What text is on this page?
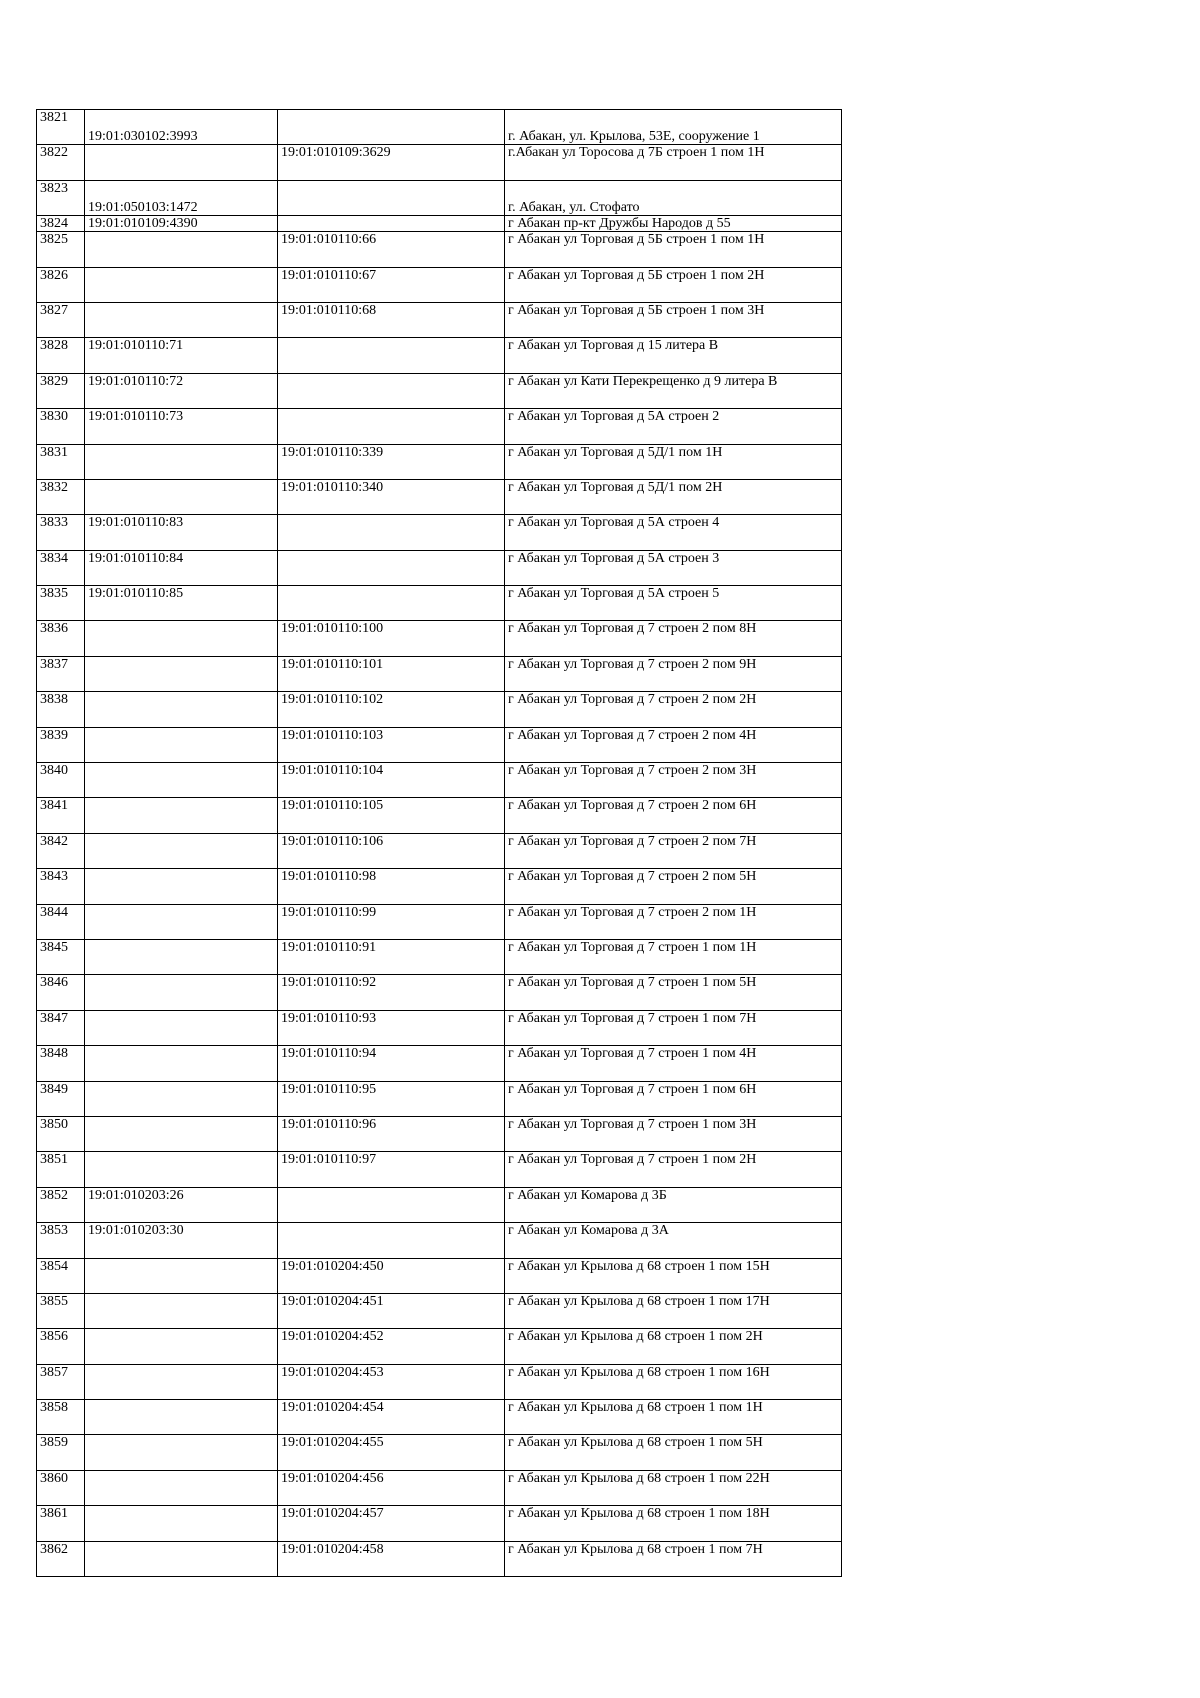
3821	19:01:030102:3993		г. Абакан, ул. Крылова, 53Е, сооружение 1
3822		19:01:010109:3629	г.Абакан ул Торосова д 7Б строен 1 пом 1Н
3823	19:01:050103:1472		г. Абакан, ул. Стофато
3824	19:01:010109:4390		г Абакан пр-кт Дружбы Народов д 55
3825		19:01:010110:66	г Абакан ул Торговая д 5Б строен 1 пом 1Н
3826		19:01:010110:67	г Абакан ул Торговая д 5Б строен 1 пом 2Н
3827		19:01:010110:68	г Абакан ул Торговая д 5Б строен 1 пом 3Н
3828	19:01:010110:71		г Абакан ул Торговая д 15 литера В
3829	19:01:010110:72		г Абакан ул Кати Перекрещенко д 9 литера В
3830	19:01:010110:73		г Абакан ул Торговая д 5А строен 2
3831		19:01:010110:339	г Абакан ул Торговая д 5Д/1 пом 1Н
3832		19:01:010110:340	г Абакан ул Торговая д 5Д/1 пом 2Н
3833	19:01:010110:83		г Абакан ул Торговая д 5А строен 4
3834	19:01:010110:84		г Абакан ул Торговая д 5А строен 3
3835	19:01:010110:85		г Абакан ул Торговая д 5А строен 5
3836		19:01:010110:100	г Абакан ул Торговая д 7 строен 2 пом 8Н
3837		19:01:010110:101	г Абакан ул Торговая д 7 строен 2 пом 9Н
3838		19:01:010110:102	г Абакан ул Торговая д 7 строен 2 пом 2Н
3839		19:01:010110:103	г Абакан ул Торговая д 7 строен 2 пом 4Н
3840		19:01:010110:104	г Абакан ул Торговая д 7 строен 2 пом 3Н
3841		19:01:010110:105	г Абакан ул Торговая д 7 строен 2 пом 6Н
3842		19:01:010110:106	г Абакан ул Торговая д 7 строен 2 пом 7Н
3843		19:01:010110:98	г Абакан ул Торговая д 7 строен 2 пом 5Н
3844		19:01:010110:99	г Абакан ул Торговая д 7 строен 2 пом 1Н
3845		19:01:010110:91	г Абакан ул Торговая д 7 строен 1 пом 1Н
3846		19:01:010110:92	г Абакан ул Торговая д 7 строен 1 пом 5Н
3847		19:01:010110:93	г Абакан ул Торговая д 7 строен 1 пом 7Н
3848		19:01:010110:94	г Абакан ул Торговая д 7 строен 1 пом 4Н
3849		19:01:010110:95	г Абакан ул Торговая д 7 строен 1 пом 6Н
3850		19:01:010110:96	г Абакан ул Торговая д 7 строен 1 пом 3Н
3851		19:01:010110:97	г Абакан ул Торговая д 7 строен 1 пом 2Н
3852	19:01:010203:26		г Абакан ул Комарова д 3Б
3853	19:01:010203:30		г Абакан ул Комарова д 3А
3854		19:01:010204:450	г Абакан ул Крылова д 68 строен 1 пом 15Н
3855		19:01:010204:451	г Абакан ул Крылова д 68 строен 1 пом 17Н
3856		19:01:010204:452	г Абакан ул Крылова д 68 строен 1 пом 2Н
3857		19:01:010204:453	г Абакан ул Крылова д 68 строен 1 пом 16Н
3858		19:01:010204:454	г Абакан ул Крылова д 68 строен 1 пом 1Н
3859		19:01:010204:455	г Абакан ул Крылова д 68 строен 1 пом 5Н
3860		19:01:010204:456	г Абакан ул Крылова д 68 строен 1 пом 22Н
3861		19:01:010204:457	г Абакан ул Крылова д 68 строен 1 пом 18Н
3862		19:01:010204:458	г Абакан ул Крылова д 68 строен 1 пом 7Н
